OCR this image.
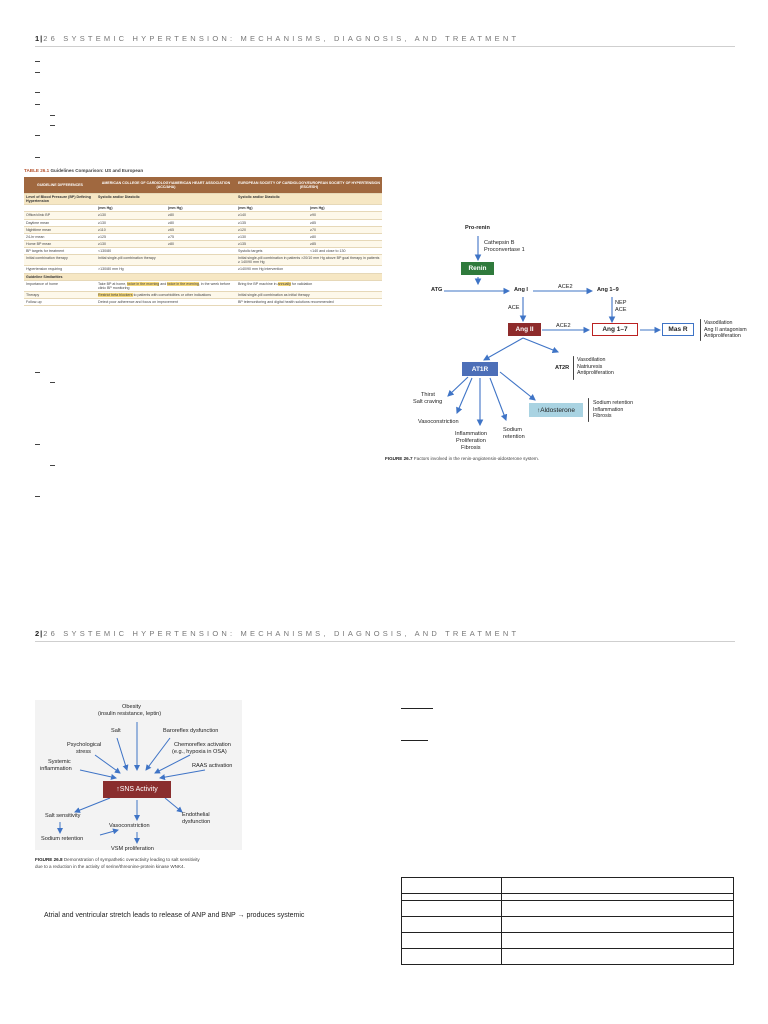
1|26 SYSTEMIC HYPERTENSION: MECHANISMS, DIAGNOSIS, AND TREATMENT
TABLE 26.1 Guidelines Comparison: US and European
GUIDELINE DIFFERENCES	AMERICAN COLLEGE OF CARDIOLOGY/AMERICAN HEART ASSOCIATION (ACC/AHA)		EUROPEAN SOCIETY OF CARDIOLOGY/EUROPEAN SOCIETY OF HYPERTENSION (ESC/ESH)	
Level of Blood Pressure (BP) Defining Hypertension	Systolic and/or Diastolic		Systolic and/or Diastolic	
	(mm Hg)	(mm Hg)	(mm Hg)	(mm Hg)
Office/clinic BP	≥130	≥80	≥140	≥90
Daytime mean	≥130	≥80	≥135	≥85
Nighttime mean	≥110	≥65	≥120	≥70
24-hr mean	≥125	≥75	≥130	≥80
Home BP mean	≥130	≥80	≥135	≥85
BP targets for treatment	<130/80		Systolic targets	<140 and close to 130
Initial combination therapy	Initial single-pill combination therapy		Initial single-pill combination in patients >20/10 mm Hg above BP goal therapy in patients ≥ 140/90 mm Hg	
Hypertension requiring	>130/80 mm Hg		≥140/90 mm Hg intervention	
Guideline Similarities				
Importance of home	Take BP at home, twice in the morning and twice in the evening, in the week before clinic BP monitoring		Bring the BP machine in annually for validation	
Therapy	Restrict beta blockers to patients with comorbidities or other indications		Initial single-pill combination as initial therapy	
Follow-up	Detect poor adherence and focus on improvement		BP telemonitoring and digital health solutions recommended	
Pro-renin
Cathepsin B
Proconvertase 1
Renin
ATG	Ang I	ACE2	Ang 1–9
NEP
ACE
ACE
Ang II	ACE2	Ang 1–7	Mas R
Vasodilation
Ang II antagonism
Antiproliferation
AT1R	AT2R
Vasodilation
Natriuresis
Antiproliferation
Thirst
Salt craving
Vasoconstriction
Inflammation
Proliferation
Fibrosis
Sodium
retention
↑Aldosterone
Sodium retention
Inflammation
Fibrosis
FIGURE 26.7 Factors involved in the renin-angiotensin-aldosterone system.
2|26 SYSTEMIC HYPERTENSION: MECHANISMS, DIAGNOSIS, AND TREATMENT
Obesity
(insulin resistance, leptin)
Salt	Baroreflex dysfunction
Psychological
stress
Chemoreflex activation
(e.g., hypoxia in OSA)
Systemic
inflammation	RAAS activation
↑SNS Activity
Salt sensitivity
Vasoconstriction
Endothelial
dysfunction
Sodium retention
VSM proliferation
FIGURE 26.8 Demonstration of sympathetic overactivity leading to salt sensitivity
due to a reduction in the activity of serine/threonine-protein kinase WNK4.
Atrial and ventricular stretch leads to release of ANP and BNP → produces systemic
